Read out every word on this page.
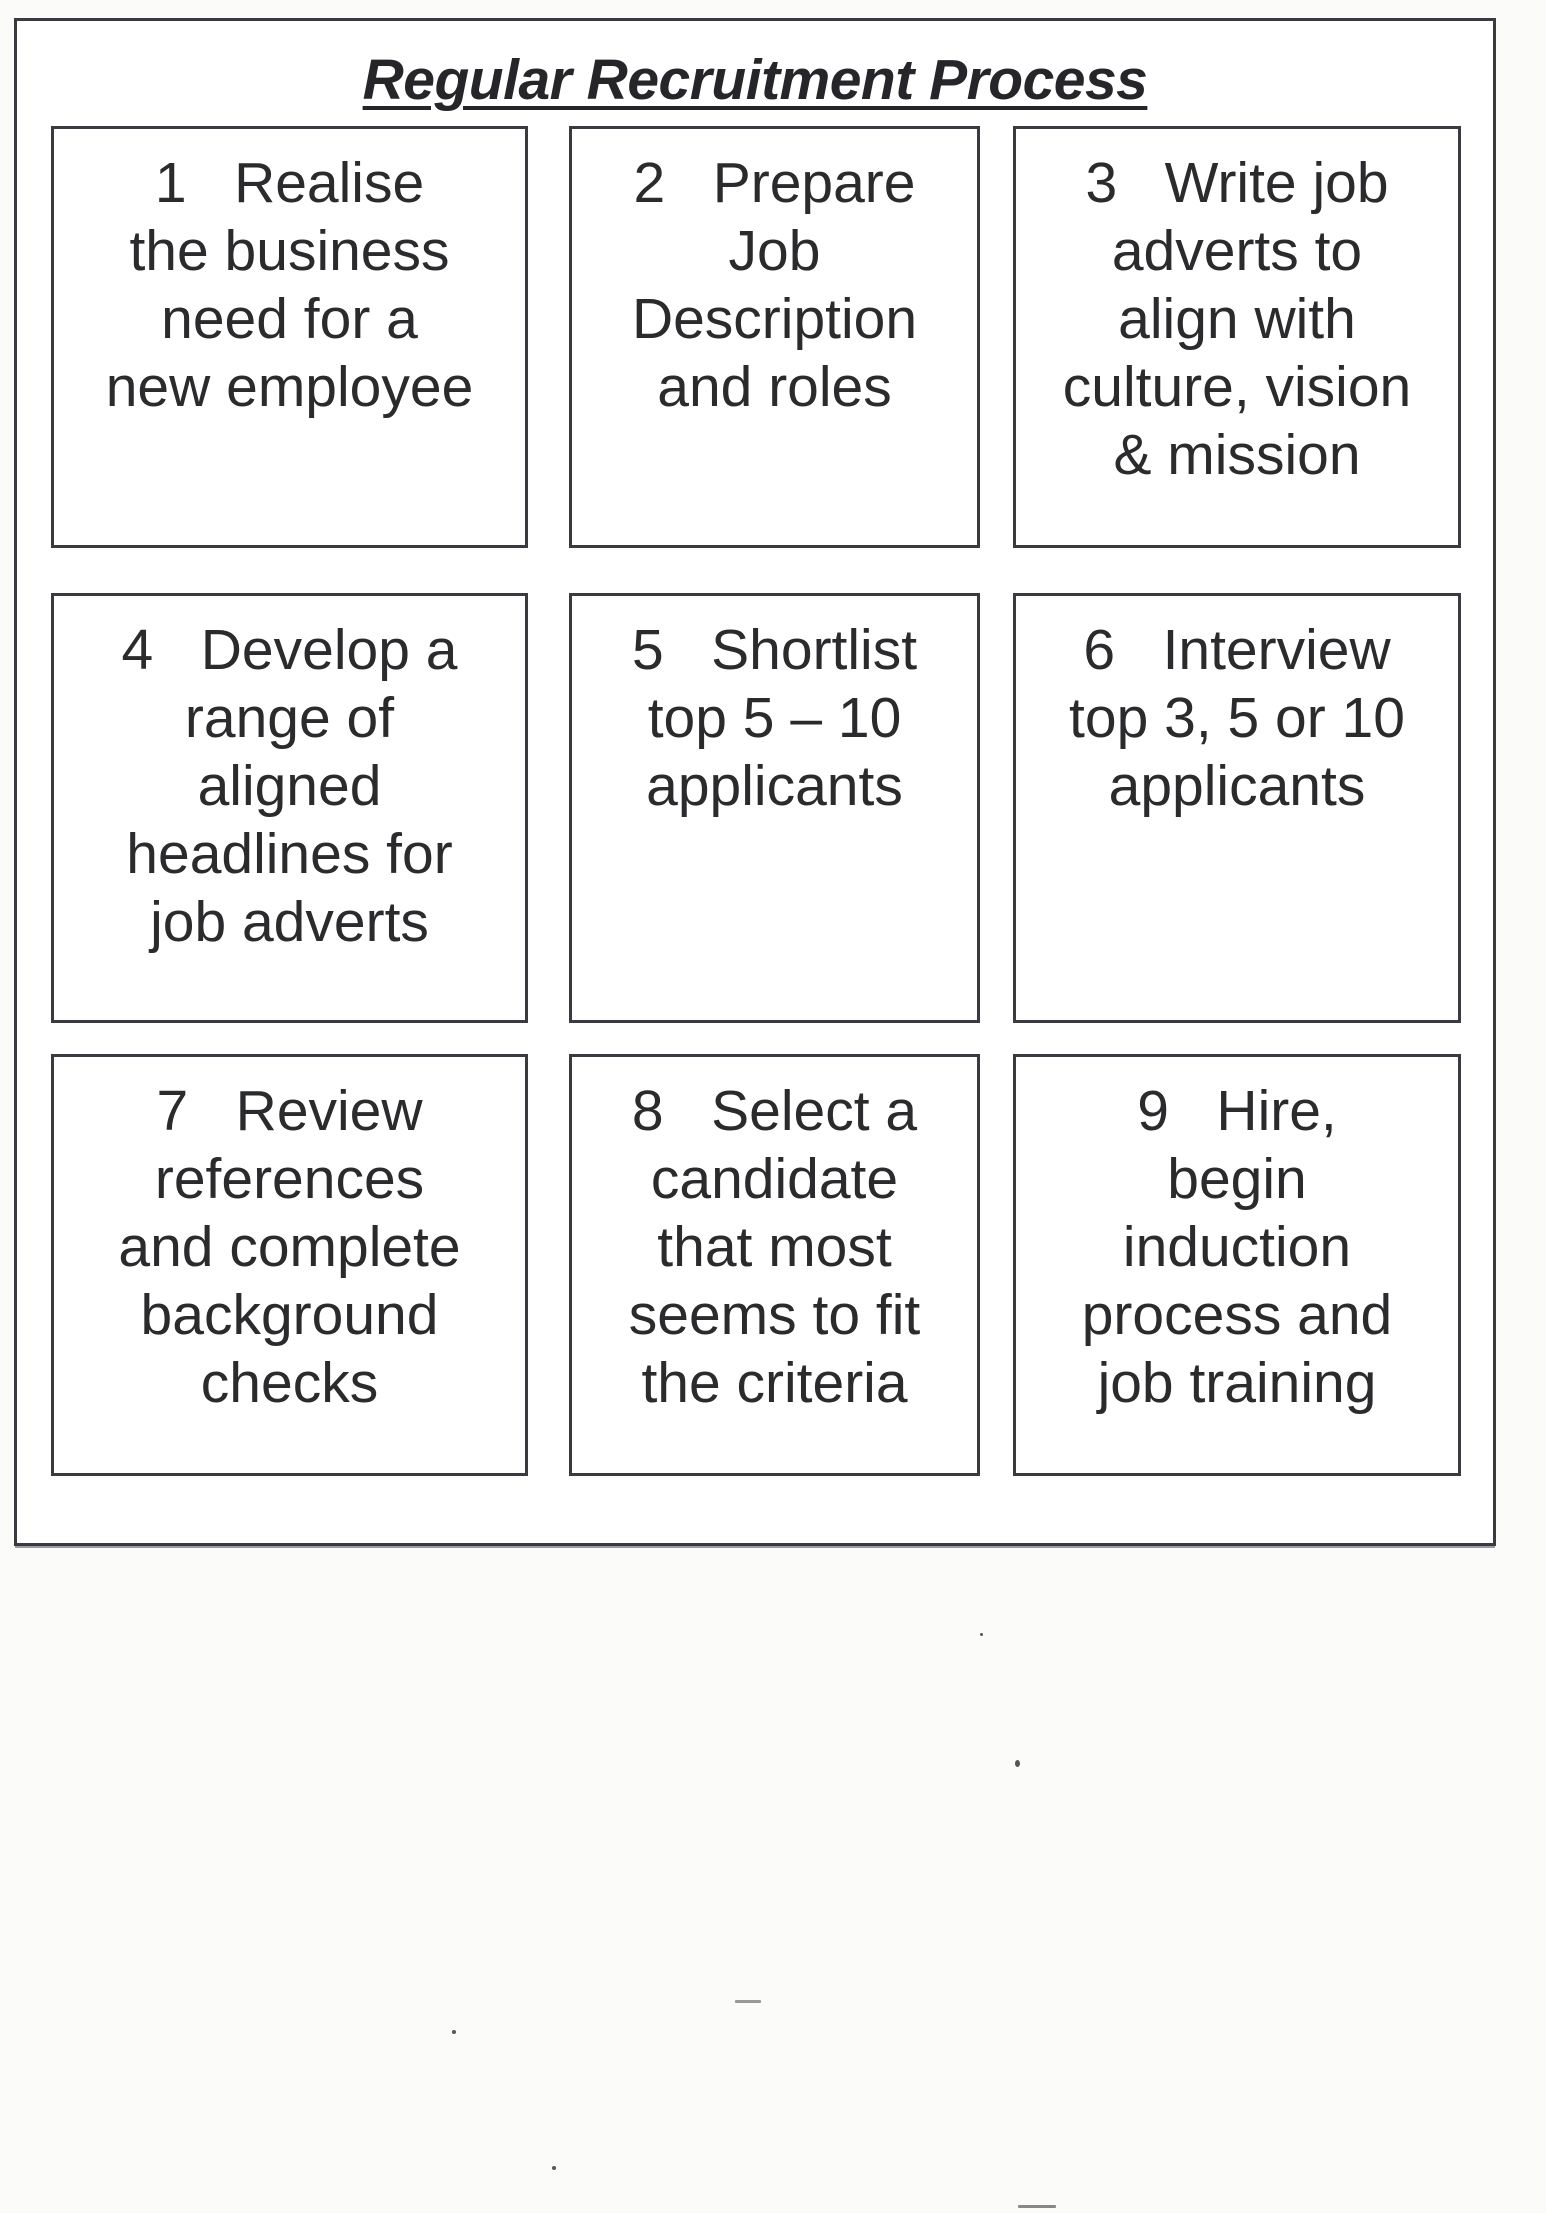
Regular Recruitment Process
1 Realise
the business
need for a
new employee
2 Prepare
Job
Description
and roles
3 Write job
adverts to
align with
culture, vision
& mission
4 Develop a
range of
aligned
headlines for
job adverts
5 Shortlist
top 5 – 10
applicants
6 Interview
top 3, 5 or 10
applicants
7 Review
references
and complete
background
checks
8 Select a
candidate
that most
seems to fit
the criteria
9 Hire,
begin
induction
process and
job training
